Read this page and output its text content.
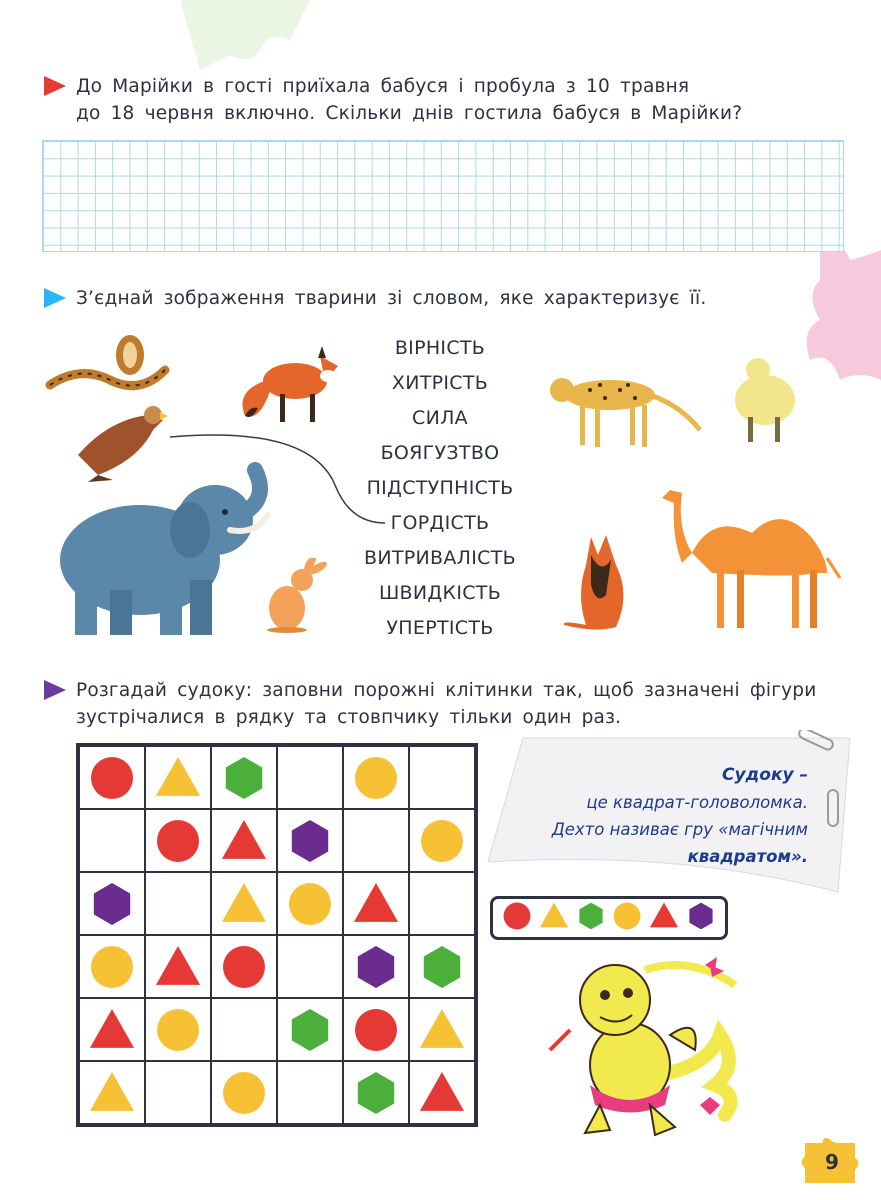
До Марійки в гості приїхала бабуся і пробула з 10 травня
до 18 червня включно. Скільки днів гостила бабуся в Марійки?
З’єднай зображення тварини зі словом, яке характеризує її.
ВІРНІСТЬ
ХИТРІСТЬ
СИЛА
БОЯГУЗТВО
ПІДСТУПНІСТЬ
ГОРДІСТЬ
ВИТРИВАЛІСТЬ
ШВИДКІСТЬ
УПЕРТІСТЬ
Розгадай судоку: заповни порожні клітинки так, щоб зазначені фігури
зустрічалися в рядку та стовпчику тільки один раз.

Судоку –
це квадрат-головоломка.
Дехто називає гру «магічним
квадратом».
9
